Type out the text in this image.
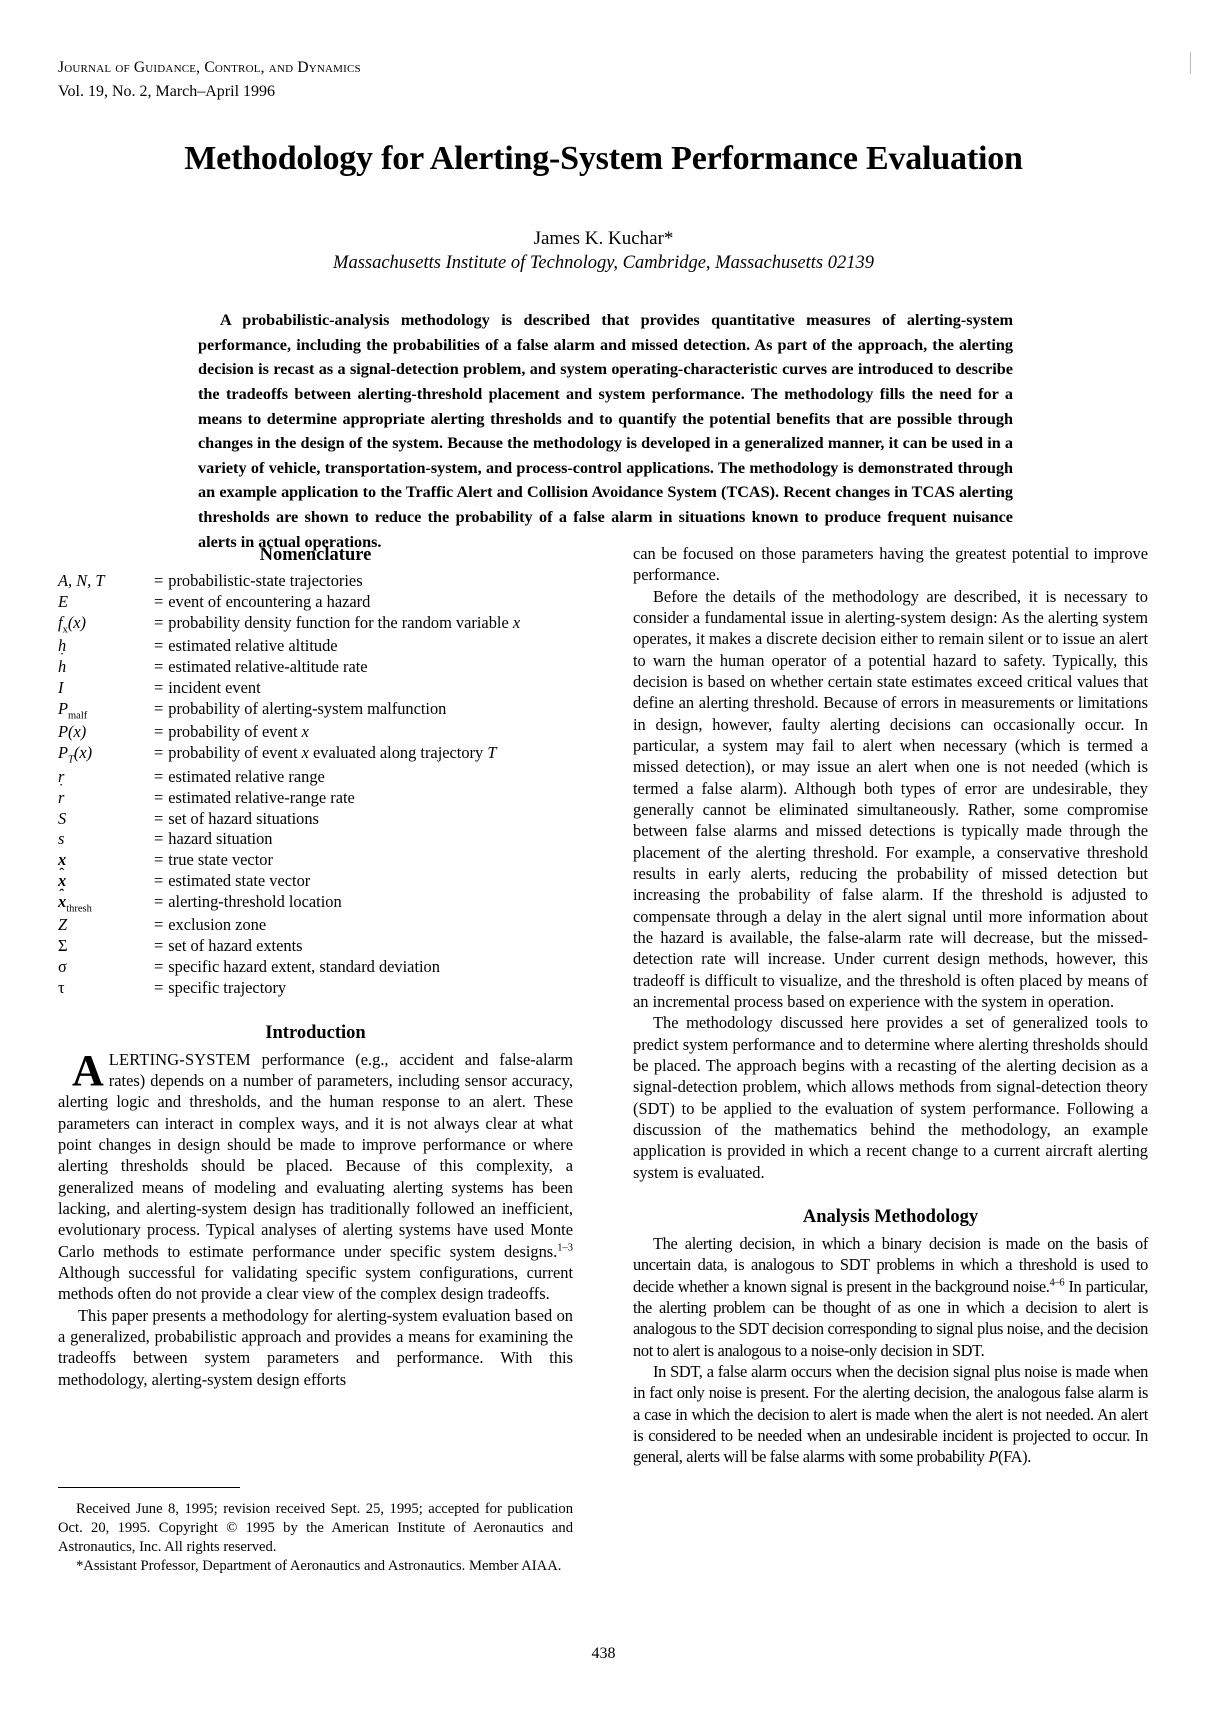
Journal of Guidance, Control, and Dynamics
Vol. 19, No. 2, March–April 1996
Methodology for Alerting-System Performance Evaluation
James K. Kuchar*
Massachusetts Institute of Technology, Cambridge, Massachusetts 02139
A probabilistic-analysis methodology is described that provides quantitative measures of alerting-system performance, including the probabilities of a false alarm and missed detection. As part of the approach, the alerting decision is recast as a signal-detection problem, and system operating-characteristic curves are introduced to describe the tradeoffs between alerting-threshold placement and system performance. The methodology fills the need for a means to determine appropriate alerting thresholds and to quantify the potential benefits that are possible through changes in the design of the system. Because the methodology is developed in a generalized manner, it can be used in a variety of vehicle, transportation-system, and process-control applications. The methodology is demonstrated through an example application to the Traffic Alert and Collision Avoidance System (TCAS). Recent changes in TCAS alerting thresholds are shown to reduce the probability of a false alarm in situations known to produce frequent nuisance alerts in actual operations.
Nomenclature
A, N, T	= probabilistic-state trajectories
E	= event of encountering a hazard
$f_x(x)$	= probability density function for the random variable x
h	= estimated relative altitude
h ˙	= estimated relative-altitude rate
I	= incident event
$P_{malf}$	= probability of alerting-system malfunction
P(x)	= probability of event x
$P_T(x)$	= probability of event x evaluated along trajectory T
r	= estimated relative range
r ˙	= estimated relative-range rate
S	= set of hazard situations
s	= hazard situation
x	= true state vector
x ˆ	= estimated state vector
x ˆ$_{thresh}$	= alerting-threshold location
Z	= exclusion zone
Σ	= set of hazard extents
σ	= specific hazard extent, standard deviation
τ	= specific trajectory
Introduction

ALERTING-SYSTEM performance (e.g., accident and false-alarm rates) depends on a number of parameters, including sensor accuracy, alerting logic and thresholds, and the human response to an alert. These parameters can interact in complex ways, and it is not always clear at what point changes in design should be made to improve performance or where alerting thresholds should be placed. Because of this complexity, a generalized means of modeling and evaluating alerting systems has been lacking, and alerting-system design has traditionally followed an inefficient, evolutionary process. Typical analyses of alerting systems have used Monte Carlo methods to estimate performance under specific system designs.$^{1-3}$ Although successful for validating specific system configurations, current methods often do not provide a clear view of the complex design tradeoffs.

This paper presents a methodology for alerting-system evaluation based on a generalized, probabilistic approach and provides a means for examining the tradeoffs between system parameters and performance. With this methodology, alerting-system design efforts

can be focused on those parameters having the greatest potential to improve performance.

Before the details of the methodology are described, it is necessary to consider a fundamental issue in alerting-system design: As the alerting system operates, it makes a discrete decision either to remain silent or to issue an alert to warn the human operator of a potential hazard to safety. Typically, this decision is based on whether certain state estimates exceed critical values that define an alerting threshold. Because of errors in measurements or limitations in design, however, faulty alerting decisions can occasionally occur. In particular, a system may fail to alert when necessary (which is termed a missed detection), or may issue an alert when one is not needed (which is termed a false alarm). Although both types of error are undesirable, they generally cannot be eliminated simultaneously. Rather, some compromise between false alarms and missed detections is typically made through the placement of the alerting threshold. For example, a conservative threshold results in early alerts, reducing the probability of missed detection but increasing the probability of false alarm. If the threshold is adjusted to compensate through a delay in the alert signal until more information about the hazard is available, the false-alarm rate will decrease, but the missed-detection rate will increase. Under current design methods, however, this tradeoff is difficult to visualize, and the threshold is often placed by means of an incremental process based on experience with the system in operation.

The methodology discussed here provides a set of generalized tools to predict system performance and to determine where alerting thresholds should be placed. The approach begins with a recasting of the alerting decision as a signal-detection problem, which allows methods from signal-detection theory (SDT) to be applied to the evaluation of system performance. Following a discussion of the mathematics behind the methodology, an example application is provided in which a recent change to a current aircraft alerting system is evaluated.

Analysis Methodology

The alerting decision, in which a binary decision is made on the basis of uncertain data, is analogous to SDT problems in which a threshold is used to decide whether a known signal is present in the background noise.$^{4-6}$ In particular, the alerting problem can be thought of as one in which a decision to alert is analogous to the SDT decision corresponding to signal plus noise, and the decision not to alert is analogous to a noise-only decision in SDT.

In SDT, a false alarm occurs when the decision signal plus noise is made when in fact only noise is present. For the alerting decision, the analogous false alarm is a case in which the decision to alert is made when the alert is not needed. An alert is considered to be needed when an undesirable incident is projected to occur. In general, alerts will be false alarms with some probability P(FA).

Received June 8, 1995; revision received Sept. 25, 1995; accepted for publication Oct. 20, 1995. Copyright © 1995 by the American Institute of Aeronautics and Astronautics, Inc. All rights reserved.

*Assistant Professor, Department of Aeronautics and Astronautics. Member AIAA.

438
